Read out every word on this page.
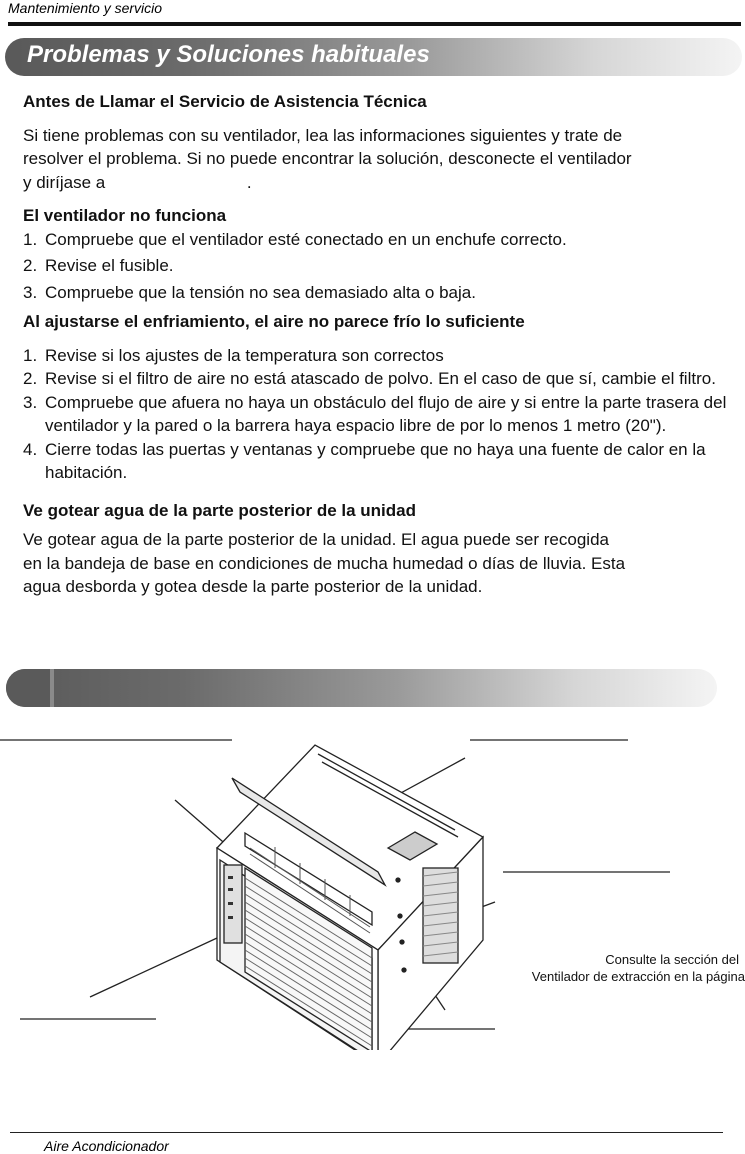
Mantenimiento y servicio
Problemas y Soluciones habituales
Antes de Llamar el Servicio de Asistencia Técnica
Si tiene problemas con su ventilador, lea las informaciones siguientes y trate de
resolver el problema. Si no puede encontrar la solución, desconecte el ventilador
y diríjase a                              .
El ventilador no funciona
1. Compruebe que el ventilador esté conectado en un enchufe correcto.
2. Revise el fusible.
3. Compruebe que la tensión no sea demasiado alta o baja.
Al ajustarse el enfriamiento, el aire no parece frío lo suficiente
1. Revise si los ajustes de la temperatura son correctos
2. Revise si el filtro de aire no está atascado de polvo. En el caso de que sí, cambie el filtro.
3. Compruebe que afuera no haya un obstáculo del flujo de aire y si entre la parte trasera del ventilador y la pared o la barrera haya espacio libre de por lo menos 1 metro (20").
4. Cierre todas las puertas y ventanas y compruebe que no haya una fuente de calor en la habitación.
Ve gotear agua de la parte posterior de la unidad
Ve gotear agua de la parte posterior de la unidad. El agua puede ser recogida
en la bandeja de base en condiciones de mucha humedad o días de lluvia. Esta
agua desborda y gotea desde la parte posterior de la unidad.
Consulte la sección del
Ventilador de extracción en la página
Aire Acondicionador
